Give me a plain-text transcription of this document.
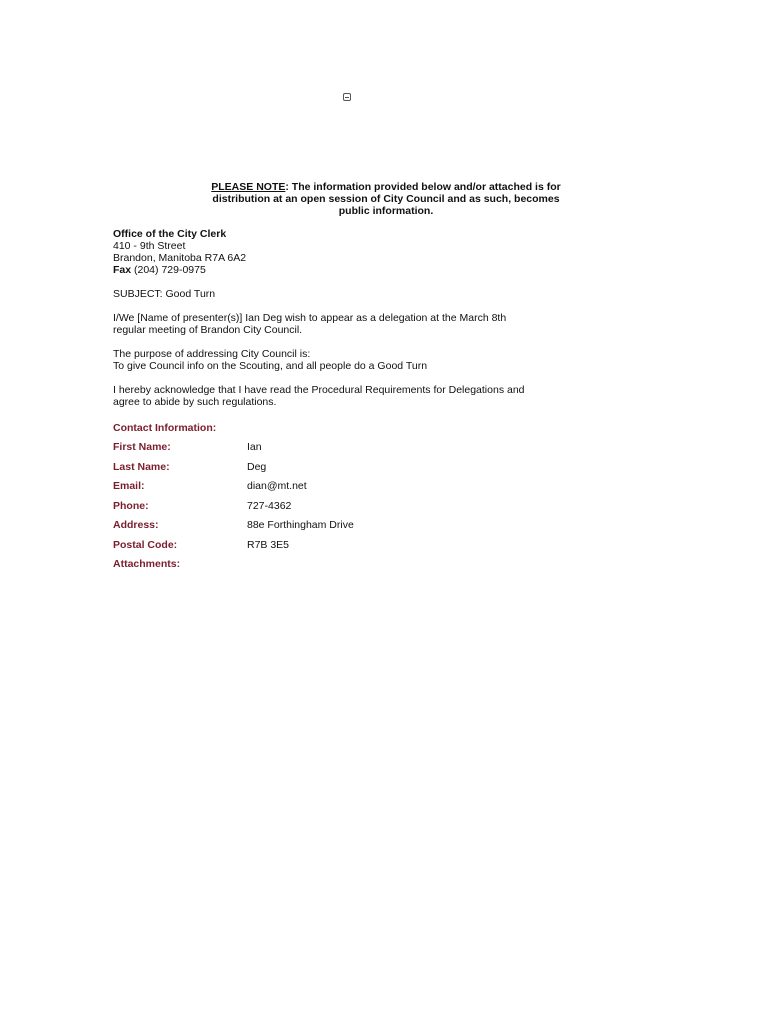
PLEASE NOTE: The information provided below and/or attached is for distribution at an open session of City Council and as such, becomes public information.
Office of the City Clerk
410 - 9th Street
Brandon, Manitoba R7A 6A2
Fax (204) 729-0975
SUBJECT: Good Turn
I/We [Name of presenter(s)] Ian Deg wish to appear as a delegation at the March 8th
regular meeting of Brandon City Council.
The purpose of addressing City Council is:
To give Council info on the Scouting, and all people do a Good Turn
I hereby acknowledge that I have read the Procedural Requirements for Delegations and
agree to abide by such regulations.
Contact Information:
First Name:	Ian
Last Name:	Deg
Email:	dian@mt.net
Phone:	727-4362
Address:	88e Forthingham Drive
Postal Code:	R7B 3E5
Attachments:
